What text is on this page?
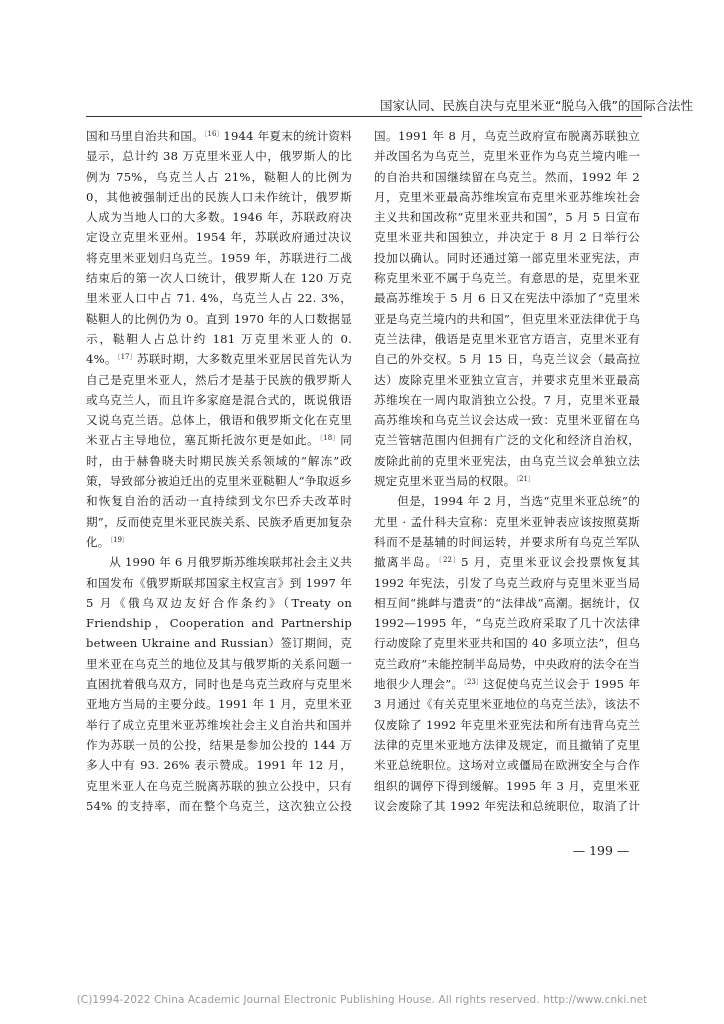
国家认同、民族自决与克里米亚“脱乌入俄”的国际合法性

国和马里自治共和国。$^{〔16〕}$1944 年夏末的统计资料显示，总计约 38 万克里米亚人中，俄罗斯人的比例为 75%，乌克兰人占 21%，鞑靼人的比例为 0，其他被强制迁出的民族人口未作统计，俄罗斯人成为当地人口的大多数。1946 年，苏联政府决定设立克里米亚州。1954 年，苏联政府通过决议将克里米亚划归乌克兰。1959 年，苏联进行二战结束后的第一次人口统计，俄罗斯人在 120 万克里米亚人口中占 71. 4%，乌克兰人占 22. 3%，鞑靼人的比例仍为 0。直到 1970 年的人口数据显示，鞑靼人占总计约 181 万克里米亚人的 0. 4%。$^{〔17〕}$苏联时期，大多数克里米亚居民首先认为自己是克里米亚人，然后才是基于民族的俄罗斯人或乌克兰人，而且许多家庭是混合式的，既说俄语又说乌克兰语。总体上，俄语和俄罗斯文化在克里米亚占主导地位，塞瓦斯托波尔更是如此。$^{〔18〕}$同时，由于赫鲁晓夫时期民族关系领域的“解冻”政策，导致部分被迫迁出的克里米亚鞑靼人“争取返乡和恢复自治的活动一直持续到戈尔巴乔夫改革时期”，反而使克里米亚民族关系、民族矛盾更加复杂化。$^{〔19〕}$

从 1990 年 6 月俄罗斯苏维埃联邦社会主义共和国发布《俄罗斯联邦国家主权宣言》到 1997 年 5 月《俄乌双边友好合作条约》（Treaty on Friendship，Cooperation and Partnership between Ukraine and Russian）签订期间，克里米亚在乌克兰的地位及其与俄罗斯的关系问题一直困扰着俄乌双方，同时也是乌克兰政府与克里米亚地方当局的主要分歧。1991 年 1 月，克里米亚举行了成立克里米亚苏维埃社会主义自治共和国并作为苏联一员的公投，结果是参加公投的 144 万多人中有 93. 26% 表示赞成。1991 年 12 月，克里米亚人在乌克兰脱离苏联的独立公投中，只有 54% 的支持率，而在整个乌克兰，这次独立公投

国。1991 年 8 月，乌克兰政府宣布脱离苏联独立并改国名为乌克兰，克里米亚作为乌克兰境内唯一的自治共和国继续留在乌克兰。然而，1992 年 2 月，克里米亚最高苏维埃宣布克里米亚苏维埃社会主义共和国改称“克里米亚共和国”，5 月 5 日宣布克里米亚共和国独立，并决定于 8 月 2 日举行公投加以确认。同时还通过第一部克里米亚宪法，声称克里米亚不属于乌克兰。有意思的是，克里米亚最高苏维埃于 5 月 6 日又在宪法中添加了“克里米亚是乌克兰境内的共和国”，但克里米亚法律优于乌克兰法律，俄语是克里米亚官方语言，克里米亚有自己的外交权。5 月 15 日，乌克兰议会（最高拉达）废除克里米亚独立宣言，并要求克里米亚最高苏维埃在一周内取消独立公投。7 月，克里米亚最高苏维埃和乌克兰议会达成一致：克里米亚留在乌克兰管辖范围内但拥有广泛的文化和经济自治权，废除此前的克里米亚宪法，由乌克兰议会单独立法规定克里米亚当局的权限。$^{〔21〕}$

但是，1994 年 2 月，当选“克里米亚总统”的尤里 · 孟什科夫宣称：克里米亚钟表应该按照莫斯科而不是基辅的时间运转，并要求所有乌克兰军队撤离半岛。$^{〔22〕}$5 月，克里米亚议会投票恢复其 1992 年宪法，引发了乌克兰政府与克里米亚当局相互间“挑衅与遣责”的“法律战”高潮。据统计，仅 1992—1995 年，“乌克兰政府采取了几十次法律行动废除了克里米亚共和国的 40 多项立法”，但乌克兰政府“未能控制半岛局势，中央政府的法令在当地很少人理会”。$^{〔23〕}$这促使乌克兰议会于 1995 年 3 月通过《有关克里米亚地位的乌克兰法》，该法不仅废除了 1992 年克里米亚宪法和所有违背乌克兰法律的克里米亚地方法律及规定，而且撤销了克里米亚总统职位。这场对立或僵局在欧洲安全与合作组织的调停下得到缓解。1995 年 3 月，克里米亚议会废除了其 1992 年宪法和总统职位，取消了计

— 199 —
(C)1994-2022 China Academic Journal Electronic Publishing House. All rights reserved. http://www.cnki.net
